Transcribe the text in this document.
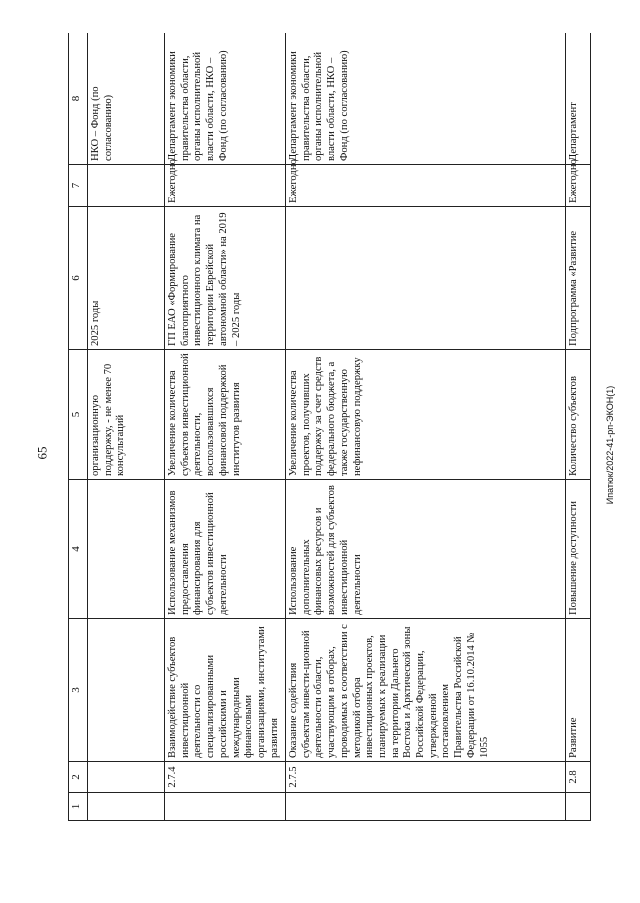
65
1	2	3	4	5	6	7	8
				организационную поддержку, - не менее 70 консультаций	2025 годы		НКО – Фонд (по согласованию)
	2.7.4	Взаимодействие субъектов инвестиционной деятельности со специализированными российскими и международными финансовыми организациями, институтами развития	Использование механизмов предоставления финансирования для субъектов инвестиционной деятельности	Увеличение количества субъектов инвестиционной деятельности, воспользовавшихся финансовой поддержкой институтов развития	ГП ЕАО «Формирование благоприятного инвестиционного климата на территории Еврейской автономной области» на 2019 – 2025 годы	Ежегодно	Департамент экономики правительства области, органы исполнительной власти области, НКО – Фонд (по согласованию)
	2.7.5	Оказание содействия субъектам инвести-ционной деятельности области, участвующим в отборах, проводимых в соответствии с методикой отбора инвестиционных проектов, планируемых к реализации на территории Дальнего Востока и Арктической зоны Российской Федерации, утвержденной постановлением Правительства Российской Федерации от 16.10.2014 № 1055	Использование дополнительных финансовых ресурсов и возможностей для субъектов инвестиционной деятельности	Увеличение количества проектов, получивших поддержку за счет средств федерального бюджета, а также государственную нефинансовую поддержку		Ежегодно	Департамент экономики правительства области, органы исполнительной власти области, НКО – Фонд (по согласованию)
	2.8	Развитие	Повышение доступности	Количество субъектов	Подпрограмма «Развитие	Ежегодно	Департамент
Ипатюк/2022-41-рп-ЭКОН(1)
